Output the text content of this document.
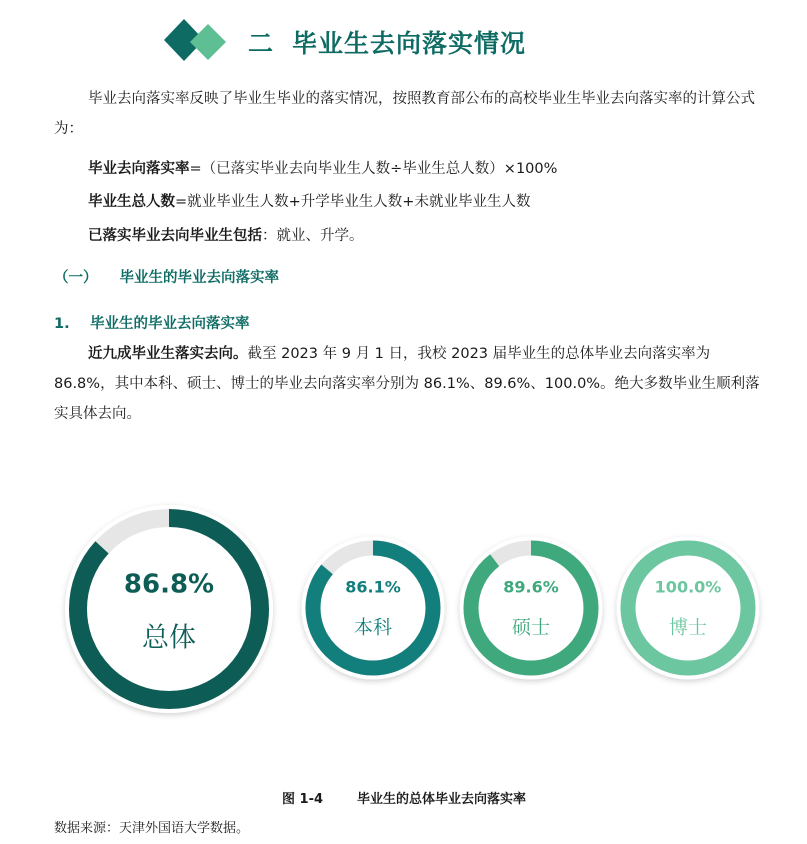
二 毕业生去向落实情况
毕业去向落实率反映了毕业生毕业的落实情况，按照教育部公布的高校毕业生毕业去向落实率的计算公式为：
毕业去向落实率=（已落实毕业去向毕业生人数÷毕业生总人数）×100%
毕业生总人数=就业毕业生人数+升学毕业生人数+未就业毕业生人数
已落实毕业去向毕业生包括：就业、升学。
（一） 毕业生的毕业去向落实率
1. 毕业生的毕业去向落实率
近九成毕业生落实去向。截至 2023 年 9 月 1 日，我校 2023 届毕业生的总体毕业去向落实率为 86.8%，其中本科、硕士、博士的毕业去向落实率分别为 86.1%、89.6%、100.0%。绝大多数毕业生顺利落实具体去向。
86.8%
总体
86.1%
本科
89.6%
硕士
100.0%
博士
图 1-4	毕业生的总体毕业去向落实率
数据来源：天津外国语大学数据。
